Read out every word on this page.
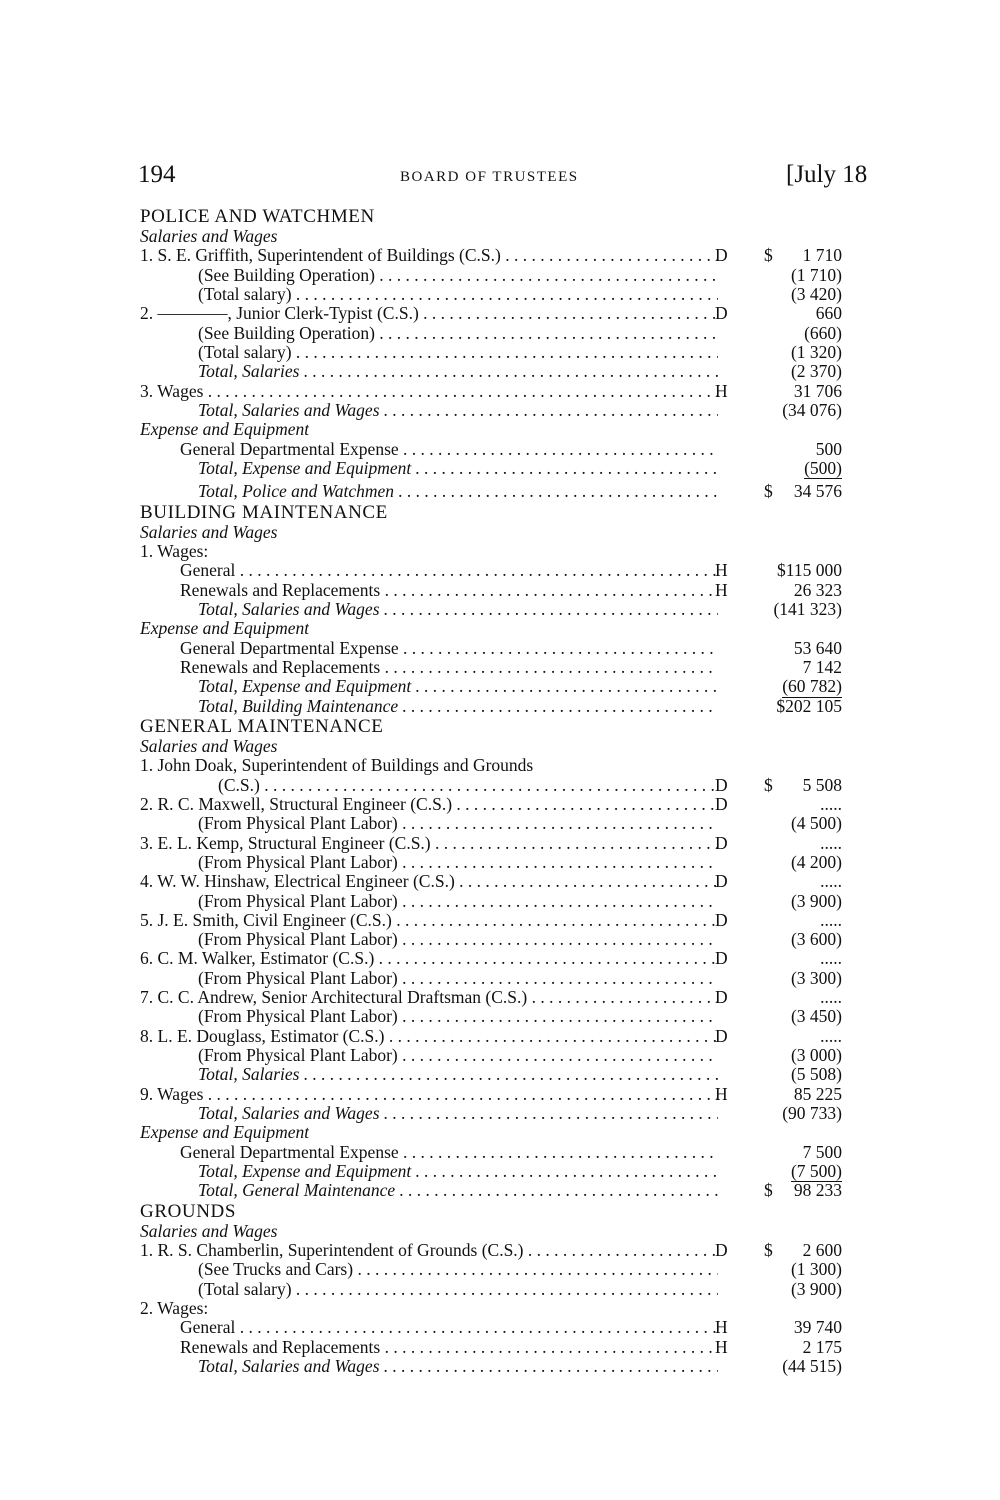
194	BOARD OF TRUSTEES	[July 18
POLICE AND WATCHMEN
Salaries and Wages
1. S. E. Griffith, Superintendent of Buildings (C.S.) . . .	D $ 1 710
(See Building Operation) . . .	(1 710)
(Total salary) . . .	(3 420)
2. ————, Junior Clerk-Typist (C.S.) . . .	D	660
(See Building Operation) . . .	(660)
(Total salary) . . .	(1 320)
Total, Salaries . . .	(2 370)
3. Wages . . .	H	31 706
Total, Salaries and Wages . . .	(34 076)
Expense and Equipment
General Departmental Expense . . .	500
Total, Expense and Equipment . . .	(500)
Total, Police and Watchmen . . .	$ 34 576
BUILDING MAINTENANCE
Salaries and Wages
1. Wages:
General . . .	H	$115 000
Renewals and Replacements . . .	H	26 323
Total, Salaries and Wages . . .	(141 323)
Expense and Equipment
General Departmental Expense . . .	53 640
Renewals and Replacements . . .	7 142
Total, Expense and Equipment . . .	(60 782)
Total, Building Maintenance . . .	$202 105
GENERAL MAINTENANCE
Salaries and Wages
1. John Doak, Superintendent of Buildings and Grounds
(C.S.) . . .	D $ 5 508
2. R. C. Maxwell, Structural Engineer (C.S.) . . .	D	.....
(From Physical Plant Labor) . . .	(4 500)
3. E. L. Kemp, Structural Engineer (C.S.) . . .	D	.....
(From Physical Plant Labor) . . .	(4 200)
4. W. W. Hinshaw, Electrical Engineer (C.S.) . . .	D	.....
(From Physical Plant Labor) . . .	(3 900)
5. J. E. Smith, Civil Engineer (C.S.) . . .	D	.....
(From Physical Plant Labor) . . .	(3 600)
6. C. M. Walker, Estimator (C.S.) . . .	D	.....
(From Physical Plant Labor) . . .	(3 300)
7. C. C. Andrew, Senior Architectural Draftsman (C.S.) . . .	D	.....
(From Physical Plant Labor) . . .	(3 450)
8. L. E. Douglass, Estimator (C.S.) . . .	D	.....
(From Physical Plant Labor) . . .	(3 000)
Total, Salaries . . .	(5 508)
9. Wages . . .	H	85 225
Total, Salaries and Wages . . .	(90 733)
Expense and Equipment
General Departmental Expense . . .	7 500
Total, Expense and Equipment . . .	(7 500)
Total, General Maintenance . . .	$ 98 233
GROUNDS
Salaries and Wages
1. R. S. Chamberlin, Superintendent of Grounds (C.S.) . . .	D $ 2 600
(See Trucks and Cars) . . .	(1 300)
(Total salary) . . .	(3 900)
2. Wages:
General . . .	H	39 740
Renewals and Replacements . . .	H	2 175
Total, Salaries and Wages . . .	(44 515)
